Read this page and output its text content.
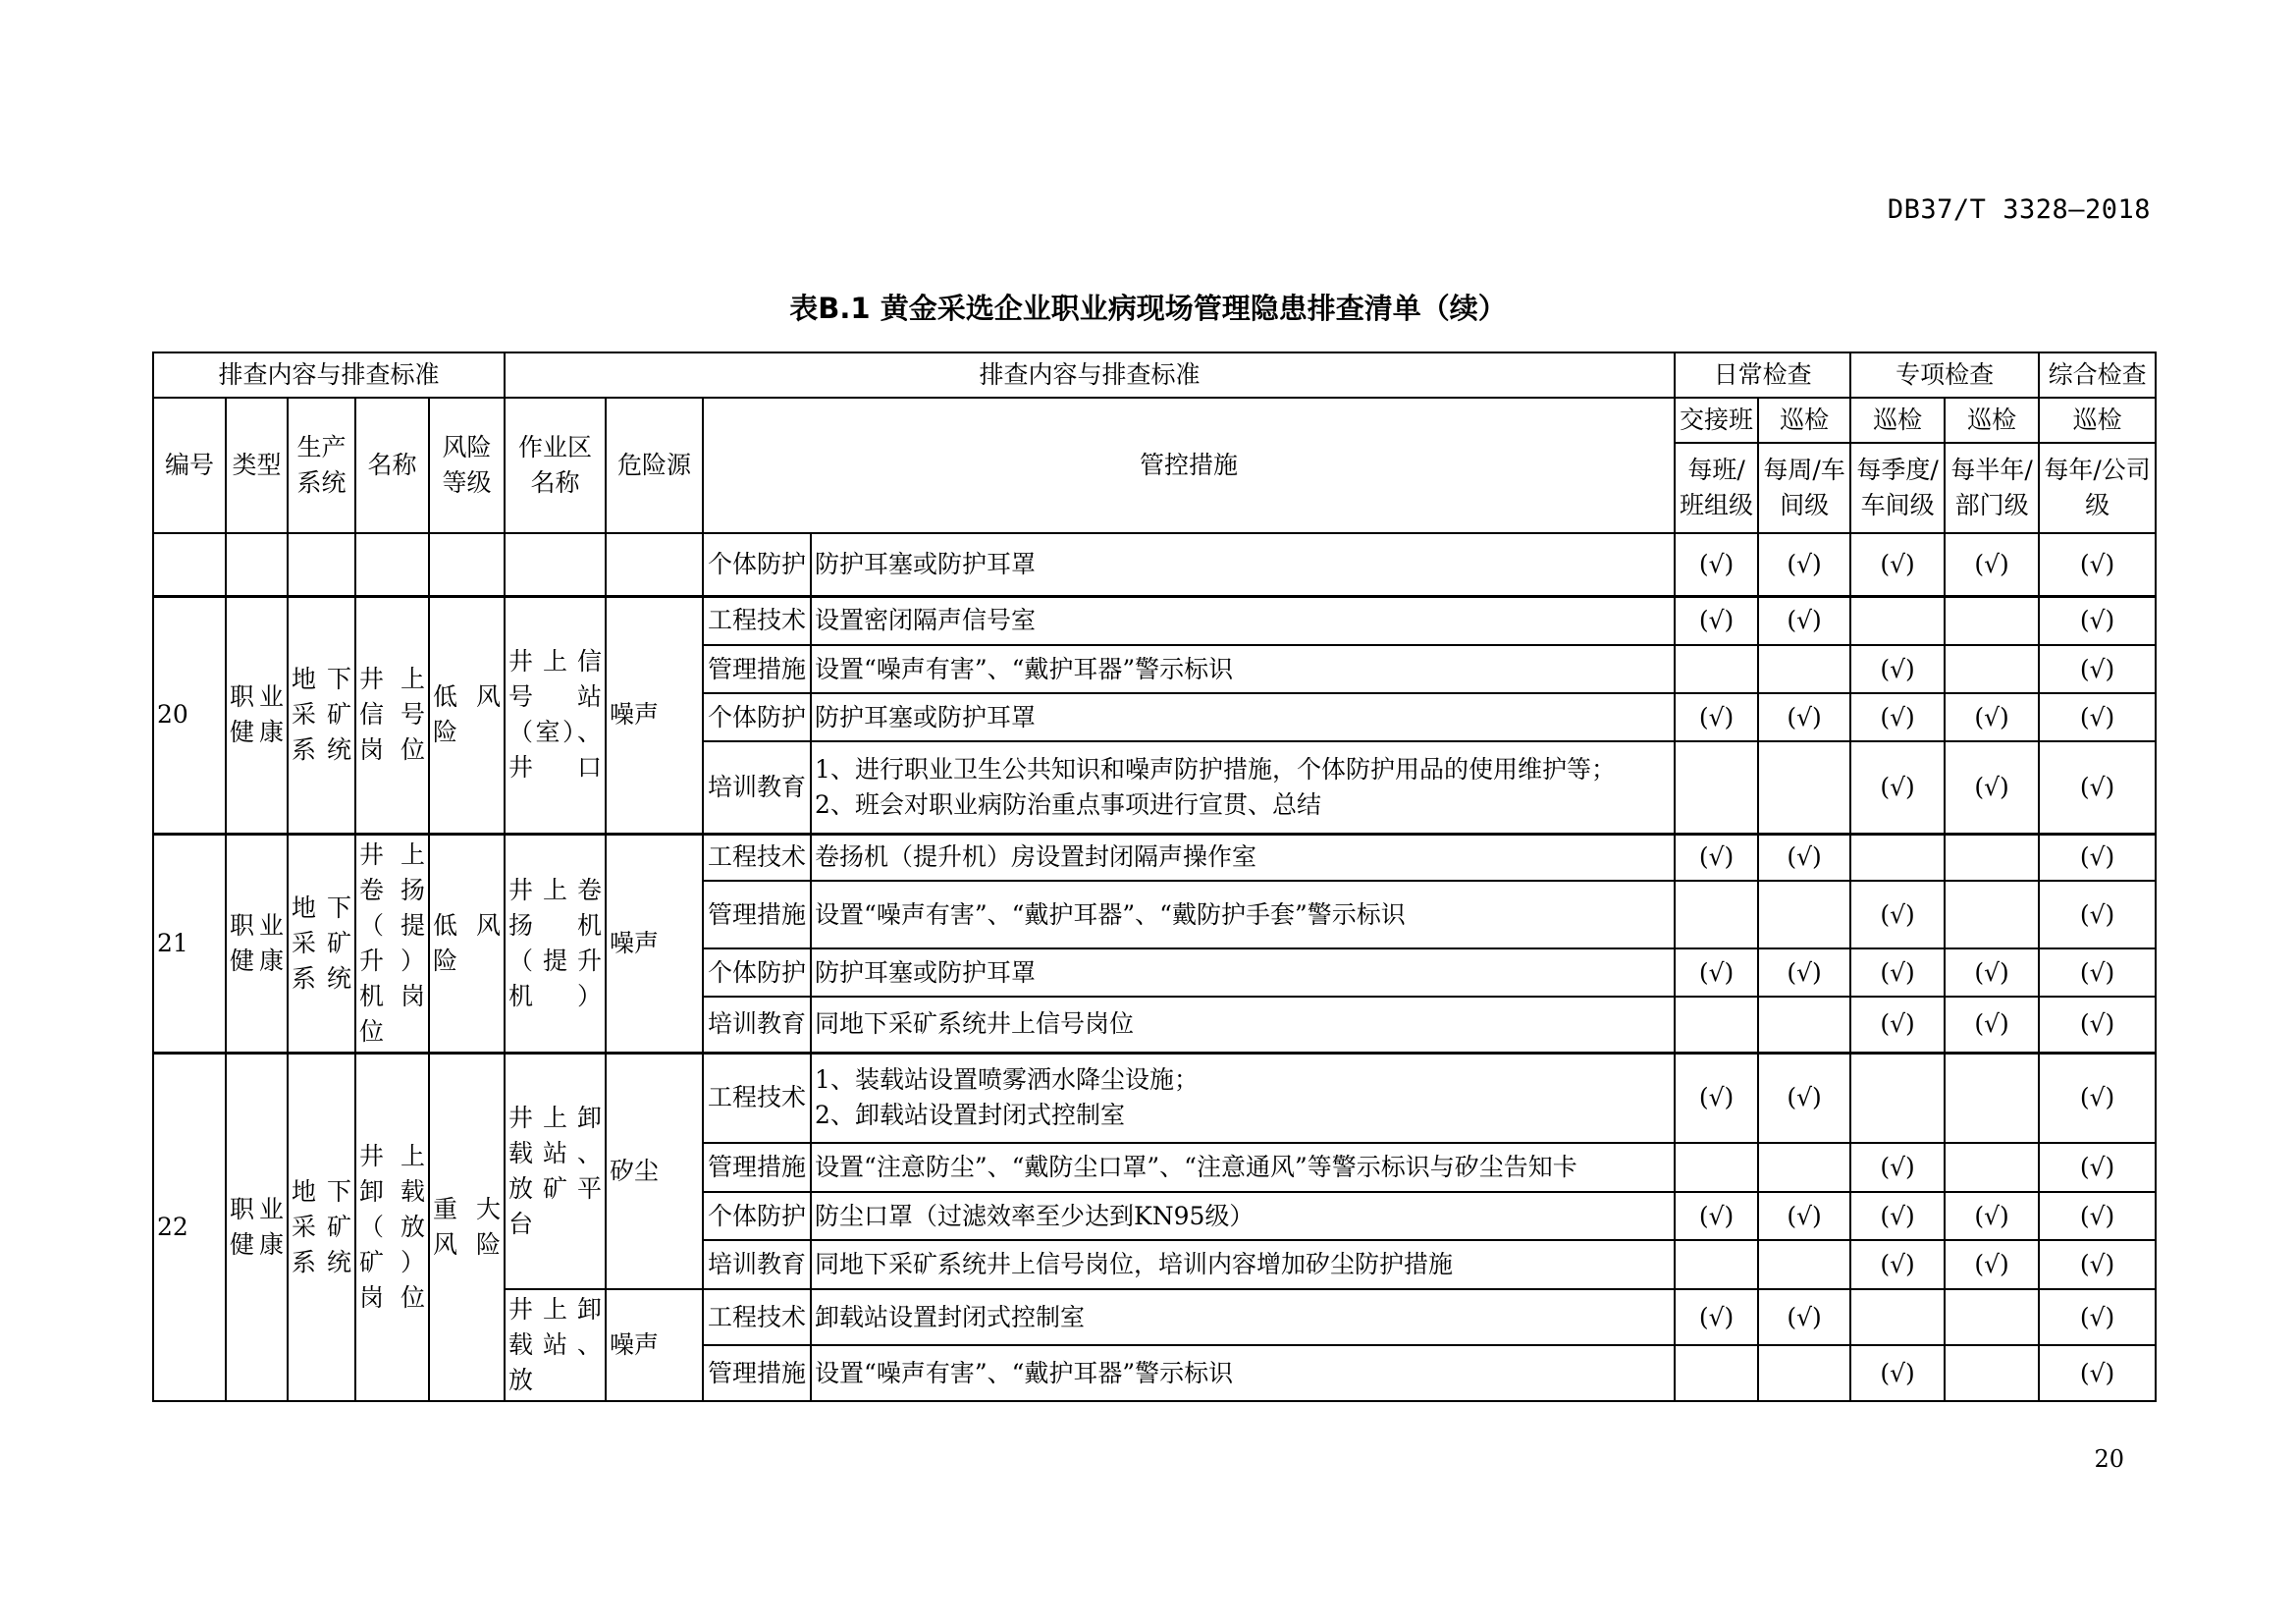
DB37/T 3328—2018
表B.1 黄金采选企业职业病现场管理隐患排查清单（续）
排查内容与排查标准					排查内容与排查标准				日常检查		专项检查		综合检查
编号	类型	生产系统	名称	风险等级	作业区名称	危险源	管控措施		交接班	巡检	巡检	巡检	巡检
									每班/班组级	每周/车间级	每季度/车间级	每半年/部门级	每年/公司级
							个体防护	防护耳塞或防护耳罩	(√)	(√)	(√)	(√)	(√)
20	职业健康	地下采矿系统	井上信号岗位	低风险	井上信号站（室）、井口	噪声	工程技术	设置密闭隔声信号室	(√)	(√)			(√)
							管理措施	设置“噪声有害”、“戴护耳器”警示标识			(√)		(√)
							个体防护	防护耳塞或防护耳罩	(√)	(√)	(√)	(√)	(√)
							培训教育	1、进行职业卫生公共知识和噪声防护措施，个体防护用品的使用维护等；
2、班会对职业病防治重点事项进行宣贯、总结			(√)	(√)	(√)
21	职业健康	地下采矿系统	井上卷扬（提升）机岗位	低风险	井上卷扬机（提升机）	噪声	工程技术	卷扬机（提升机）房设置封闭隔声操作室	(√)	(√)			(√)
							管理措施	设置“噪声有害”、“戴护耳器”、“戴防护手套”警示标识			(√)		(√)
							个体防护	防护耳塞或防护耳罩	(√)	(√)	(√)	(√)	(√)
							培训教育	同地下采矿系统井上信号岗位			(√)	(√)	(√)
22	职业健康	地下采矿系统	井上卸载（放矿）岗位	重大风险	井上卸载站、放矿平台	矽尘	工程技术	1、装载站设置喷雾洒水降尘设施；
2、卸载站设置封闭式控制室	(√)	(√)			(√)
							管理措施	设置“注意防尘”、“戴防尘口罩”、“注意通风”等警示标识与矽尘告知卡			(√)		(√)
							个体防护	防尘口罩（过滤效率至少达到KN95级）	(√)	(√)	(√)	(√)	(√)
							培训教育	同地下采矿系统井上信号岗位，培训内容增加矽尘防护措施			(√)	(√)	(√)
					井上卸载站、放	噪声	工程技术	卸载站设置封闭式控制室	(√)	(√)			(√)
							管理措施	设置“噪声有害”、“戴护耳器”警示标识			(√)		(√)
20
